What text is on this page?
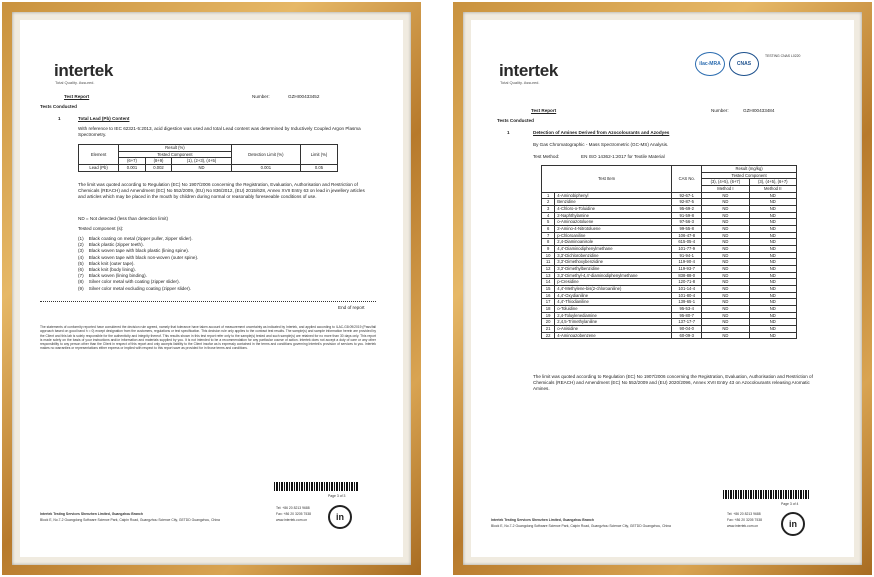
intertek
Total Quality. Assured.
Test Report	Number:	GZHI00433452
Tests Conducted
1	Total Lead (Pb) Content
With reference to IEC 62321-5:2013, acid digestion was used and total Lead content was determined by Inductively Coupled Argon Plasma Spectrometry.
Element	Result (%)			Detection Limit (%)	Limit (%)
	Tested Component				
	(6+7)	(8+9)	(1), (2+3), (4+5)		
Lead (Pb)	0.001	0.002	ND	0.001	0.05
The limit was quoted according to Regulation (EC) No 1907/2006 concerning the Registration, Evaluation, Authorisation and Restriction of Chemicals (REACH) and Amendment (EC) No 552/2009, (EU) No 836/2012, (EU) 2015/628, Annex XVII Entry 63 on lead in jewellery articles and articles which may be placed in the mouth by children during normal or reasonably foreseeable conditions of use.
ND = Not detected (less than detection limit)
Tested component (s):
(1)    Black coating on metal (zipper puller, zipper slider).
(2)    Black plastic (zipper teeth).
(3)    Black woven tape with black plastic (lining spine).
(4)    Black woven tape with black non-woven (outer spine).
(5)    Black knit (outer tape).
(6)    Black knit (body lining).
(7)    Black woven (lining binding).
(8)    Silver color metal with coating (zipper slider).
(9)    Silver color metal excluding coating (zipper slider).
End of report
The statements of conformity reported have considered the decision rule agreed, namely that tolerance have taken account of measurement uncertainty as indicated by Intertek, and applied according to ILAC-G8:09/2019 (Pass/fail approach based on good band h = 0) except designation from the customers, regulations or test specification. This decision rule only applies to the contract test results. The sample(s) and sample information herein are provided by the Client and this lab is solely responsible for the authenticity and integrity thereof. This results shown in this test report refer only to the sample(s) tested and such sample(s) are retained for no more than 30 days only. This report is made solely on the basis of your instructions and/or information and materials supplied by you. It is not intended to be a recommendation for any particular course of action. Intertek does not accept a duty of care or any other responsibility to any person other than the Client in respect of this report and only accepts liability to the Client insofar as is expressly contained in the terms and conditions governing Intertek's provision of services to you. Intertek makes no warranties or representations either express or implied with respect to this report save as provided for in those terms and conditions.
Page 3 of 3
Intertek Testing Services Shenzhen Limited, Guangzhou Branch
Block E, No.7-2 Guangdong Software Science Park, Caipin Road, Guangzhou Science City, GETDD Guangzhou, China
Tel: +86 20 8213 9688
Fax: +86 20 3205 7538
www.intertek.com.cn	in
intertek
Total Quality. Assured.
ilac-MRA	CNAS
TESTING CNAS L0220
Test Report	Number:	GZHI00433484
Tests Conducted
1	Detection of Amines Derived from Azocolourants and Azodyes
By Gas Chromatographic - Mass Spectrometric (GC-MS) Analysis.
Test Method:	EN ISO 14362-1:2017 for Textile Material
Test Item		CAS No.	Result (mg/kg)	
			Tested Component	
			(3), (4+5), (6+7)	(3), (4+5), (6+7)
			Method I	Method II
1	4-Aminobiphenyl	92-67-1	ND	ND
2	Benzidine	92-87-5	ND	ND
3	4-Chloro-o-Toluidine	95-69-2	ND	ND
4	2-Naphthylamine	91-59-8	ND	ND
5	o-Aminoazotoluene	97-56-3	ND	ND
6	2-Amino-4-Nitrotoluene	99-55-8	ND	ND
7	p-Chloroaniline	106-47-8	ND	ND
8	2,4-Diaminoanisole	615-05-4	ND	ND
9	4,4'-Diaminodiphenylmethane	101-77-9	ND	ND
10	3,3'-Dichlorobenzidine	91-94-1	ND	ND
11	3,3'-Dimethoxybenzidine	119-90-4	ND	ND
12	3,3'-Dimethylbenzidine	119-93-7	ND	ND
13	3,3'-Dimethyl-4,4'-diaminodiphenylmethane	838-88-0	ND	ND
14	p-Cresidine	120-71-8	ND	ND
15	4,4'-Methylene-bis(2-chloroaniline)	101-14-4	ND	ND
16	4,4'-Oxydianiline	101-80-4	ND	ND
17	4,4'-Thiodianiline	139-65-1	ND	ND
18	o-Toluidine	95-53-4	ND	ND
19	2,4-Toluylenediamine	95-80-7	ND	ND
20	2,4,5-Trimethylaniline	137-17-7	ND	ND
21	o-Anisidine	90-04-0	ND	ND
22	4-Aminoazobenzene	60-09-3	ND	ND
The limit was quoted according to Regulation (EC) No 1907/2006 concerning the Registration, Evaluation, Authorisation and Restriction of Chemicals (REACH) and Amendment (EC) No 552/2009 and (EU) 2020/2096, Annex XVII Entry 43 on Azocolourants releasing Aromatic Amines.
Page 3 of 4
Intertek Testing Services Shenzhen Limited, Guangzhou Branch
Block E, No.7-2 Guangdong Software Science Park, Caipin Road, Guangzhou Science City, GETDD Guangzhou, China
Tel: +86 20 8213 9688
Fax: +86 20 3205 7538
www.intertek.com.cn	in
